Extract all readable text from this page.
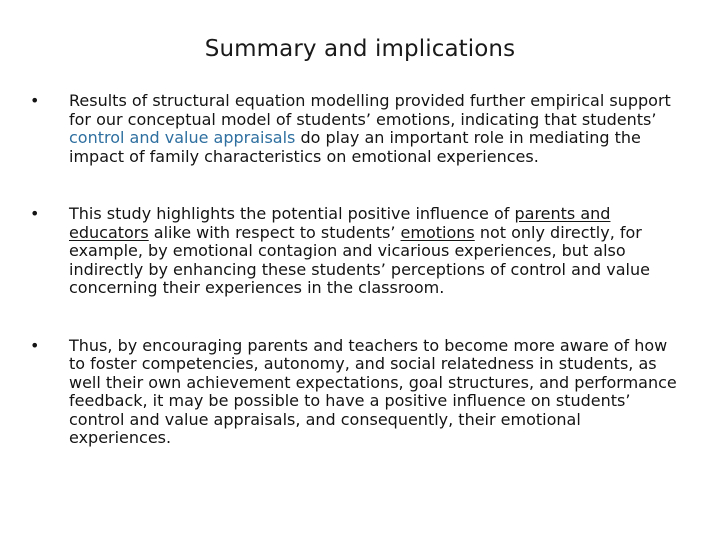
Summary and implications
• Results of structural equation modelling provided further empirical support for our conceptual model of students’ emotions, indicating that students’ control and value appraisals do play an important role in mediating the impact of family characteristics on emotional experiences.
• This study highlights the potential positive influence of parents and educators alike with respect to students’ emotions not only directly, for example, by emotional contagion and vicarious experiences, but also indirectly by enhancing these students’ perceptions of control and value concerning their experiences in the classroom.
• Thus, by encouraging parents and teachers to become more aware of how to foster competencies, autonomy, and social relatedness in students, as well their own achievement expectations, goal structures, and performance feedback, it may be possible to have a positive influence on students’ control and value appraisals, and consequently, their emotional experiences.
